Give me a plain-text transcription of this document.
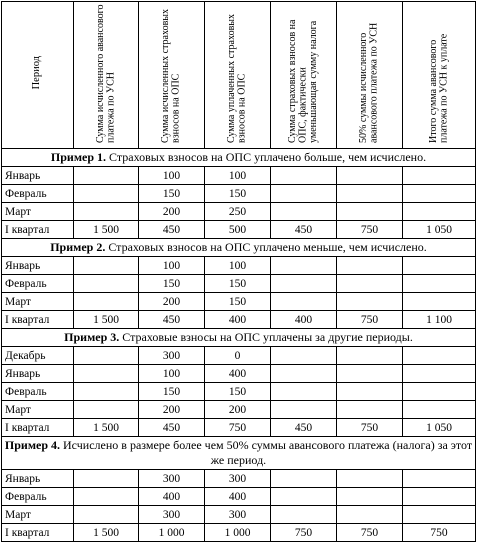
Период	Сумма исчисленного авансового платежа по УСН	Сумма исчисленных страховых взносов на ОПС	Сумма уплаченных страховых взносов на ОПС	Сумма страховых взносов на ОПС, фактически уменьшающая сумму налога	50% суммы исчисленного авансового платежа по УСН	Итого сумма авансового платежа по УСН к уплате
Пример 1. Страховых взносов на ОПС уплачено больше, чем исчислено.						
Январь		100	100			
Февраль		150	150			
Март		200	250			
I квартал	1 500	450	500	450	750	1 050
Пример 2. Страховых взносов на ОПС уплачено меньше, чем исчислено.						
Январь		100	100			
Февраль		150	150			
Март		200	150			
I квартал	1 500	450	400	400	750	1 100
Пример 3. Страховые взносы на ОПС уплачены за другие периоды.						
Декабрь		300	0			
Январь		100	400			
Февраль		150	150			
Март		200	200			
I квартал	1 500	450	750	450	750	1 050
Пример 4. Исчислено в размере более чем 50% суммы авансового платежа (налога) за этот же период.						
Январь		300	300			
Февраль		400	400			
Март		300	300			
I квартал	1 500	1 000	1 000	750	750	750
